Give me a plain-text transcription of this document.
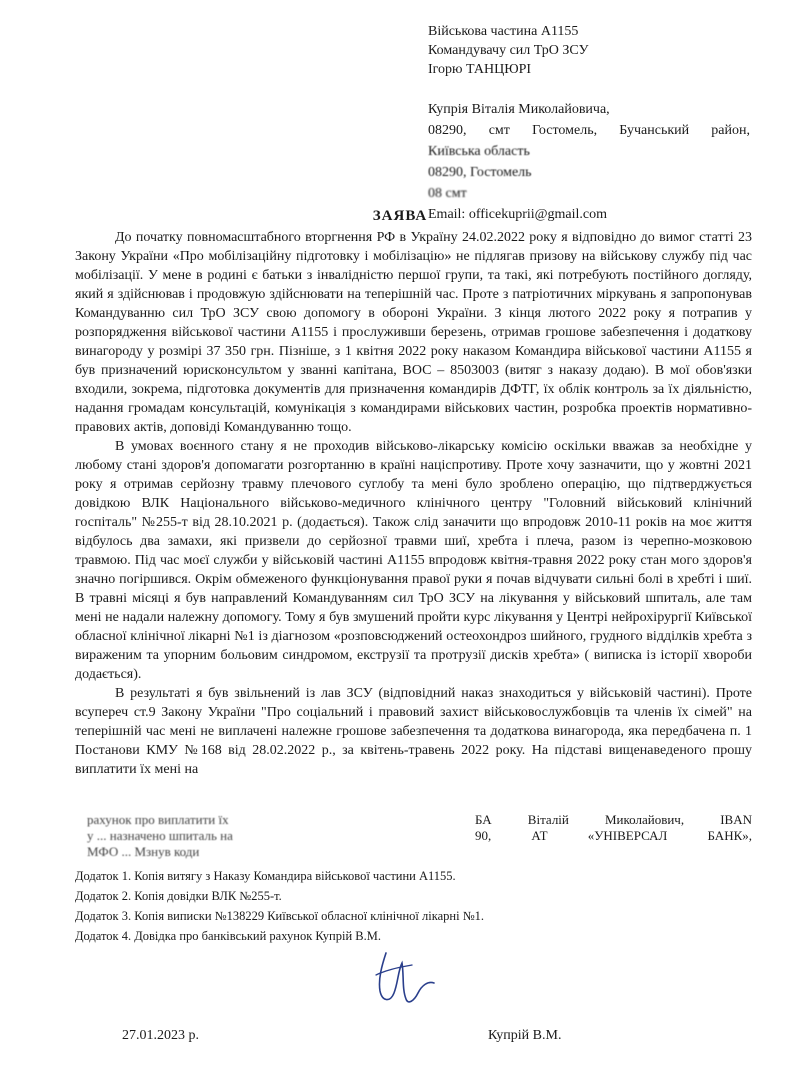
Військова частина А1155
Командувачу сил ТрО ЗСУ
Ігорю ТАНЦЮРІ
Купрія Віталія Миколайовича,
08290, смт Гостомель, Бучанський район,
Київська область
08290, Гостомель
08 смт
Email: officekuprii@gmail.com
ЗАЯВА

До початку повномасштабного вторгнення РФ в Україну 24.02.2022 року я відповідно до вимог статті 23 Закону України «Про мобілізаційну підготовку і мобілізацію» не підлягав призову на військову службу під час мобілізації. У мене в родині є батьки з інвалідністю першої групи, та такі, які потребують постійного догляду, який я здійснював і продовжую здійснювати на теперішній час. Проте з патріотичних міркувань я запропонував Командуванню сил ТрО ЗСУ свою допомогу в обороні України. З кінця лютого 2022 року я потрапив у розпорядження військової частини А1155 і прослуживши березень, отримав грошове забезпечення і додаткову винагороду у розмірі 37 350 грн. Пізніше, з 1 квітня 2022 року наказом Командира військової частини А1155 я був призначений юрисконсультом у званні капітана, ВОС – 8503003 (витяг з наказу додаю). В мої обов'язки входили, зокрема, підготовка документів для призначення командирів ДФТГ, їх облік контроль за їх діяльністю, надання громадам консультацій, комунікація з командирами військових частин, розробка проектів нормативно-правових актів, доповіді Командуванню тощо.

В умовах воєнного стану я не проходив військово-лікарську комісію оскільки вважав за необхідне у любому стані здоров'я допомагати розгортанню в країні націспротиву. Проте хочу зазначити, що у жовтні 2021 року я отримав серйозну травму плечового суглобу та мені було зроблено операцію, що підтверджується довідкою ВЛК Національного військово-медичного клінічного центру "Головний військовий клінічний госпіталь" №255-т від 28.10.2021 р. (додається). Також слід заначити що впродовж 2010-11 років на моє життя відбулось два замахи, які призвели до серйозної травми шиї, хребта і плеча, разом із черепно-мозковою травмою. Під час моєї служби у військовій частині А1155 впродовж квітня-травня 2022 року стан мого здоров'я значно погіршився. Окрім обмеженого функціонування правої руки я почав відчувати сильні болі в хребті і шиї. В травні місяці я був направлений Командуванням сил ТрО ЗСУ на лікування у військовий шпиталь, але там мені не надали належну допомогу. Тому я був змушений пройти курс лікування у Центрі нейрохірургії Київської обласної клінічної лікарні №1 із діагнозом «розповсюджений остеохондроз шийного, грудного відділків хребта з вираженим та упорним больовим синдромом, екструзії та протрузії дисків хребта» ( виписка із історії хвороби додається).

В результаті я був звільнений із лав ЗСУ (відповідний наказ знаходиться у військовій частині). Проте всупереч ст.9 Закону України "Про соціальний і правовий захист військовослужбовців та членів їх сімей" на теперішній час мені не виплачені належне грошове забезпечення та додаткова винагорода, яка передбачена п. 1 Постанови КМУ №168 від 28.02.2022 р., за квітень-травень 2022 року. На підставі вищенаведеного прошу виплатити їх мені на

рахунок про виплатити їх
у ... назначено шпиталь на
МФО ... Мзнув коди
БА Віталій Миколайович, IBAN
90, АТ «УНІВЕРСАЛ БАНК»,
Додаток 1. Копія витягу з Наказу Командира військової частини А1155.
Додаток 2. Копія довідки ВЛК №255-т.
Додаток 3. Копія виписки №138229 Київської обласної клінічної лікарні №1.
Додаток 4. Довідка про банківський рахунок Купрій В.М.
27.01.2023 р.	Купрій В.М.
